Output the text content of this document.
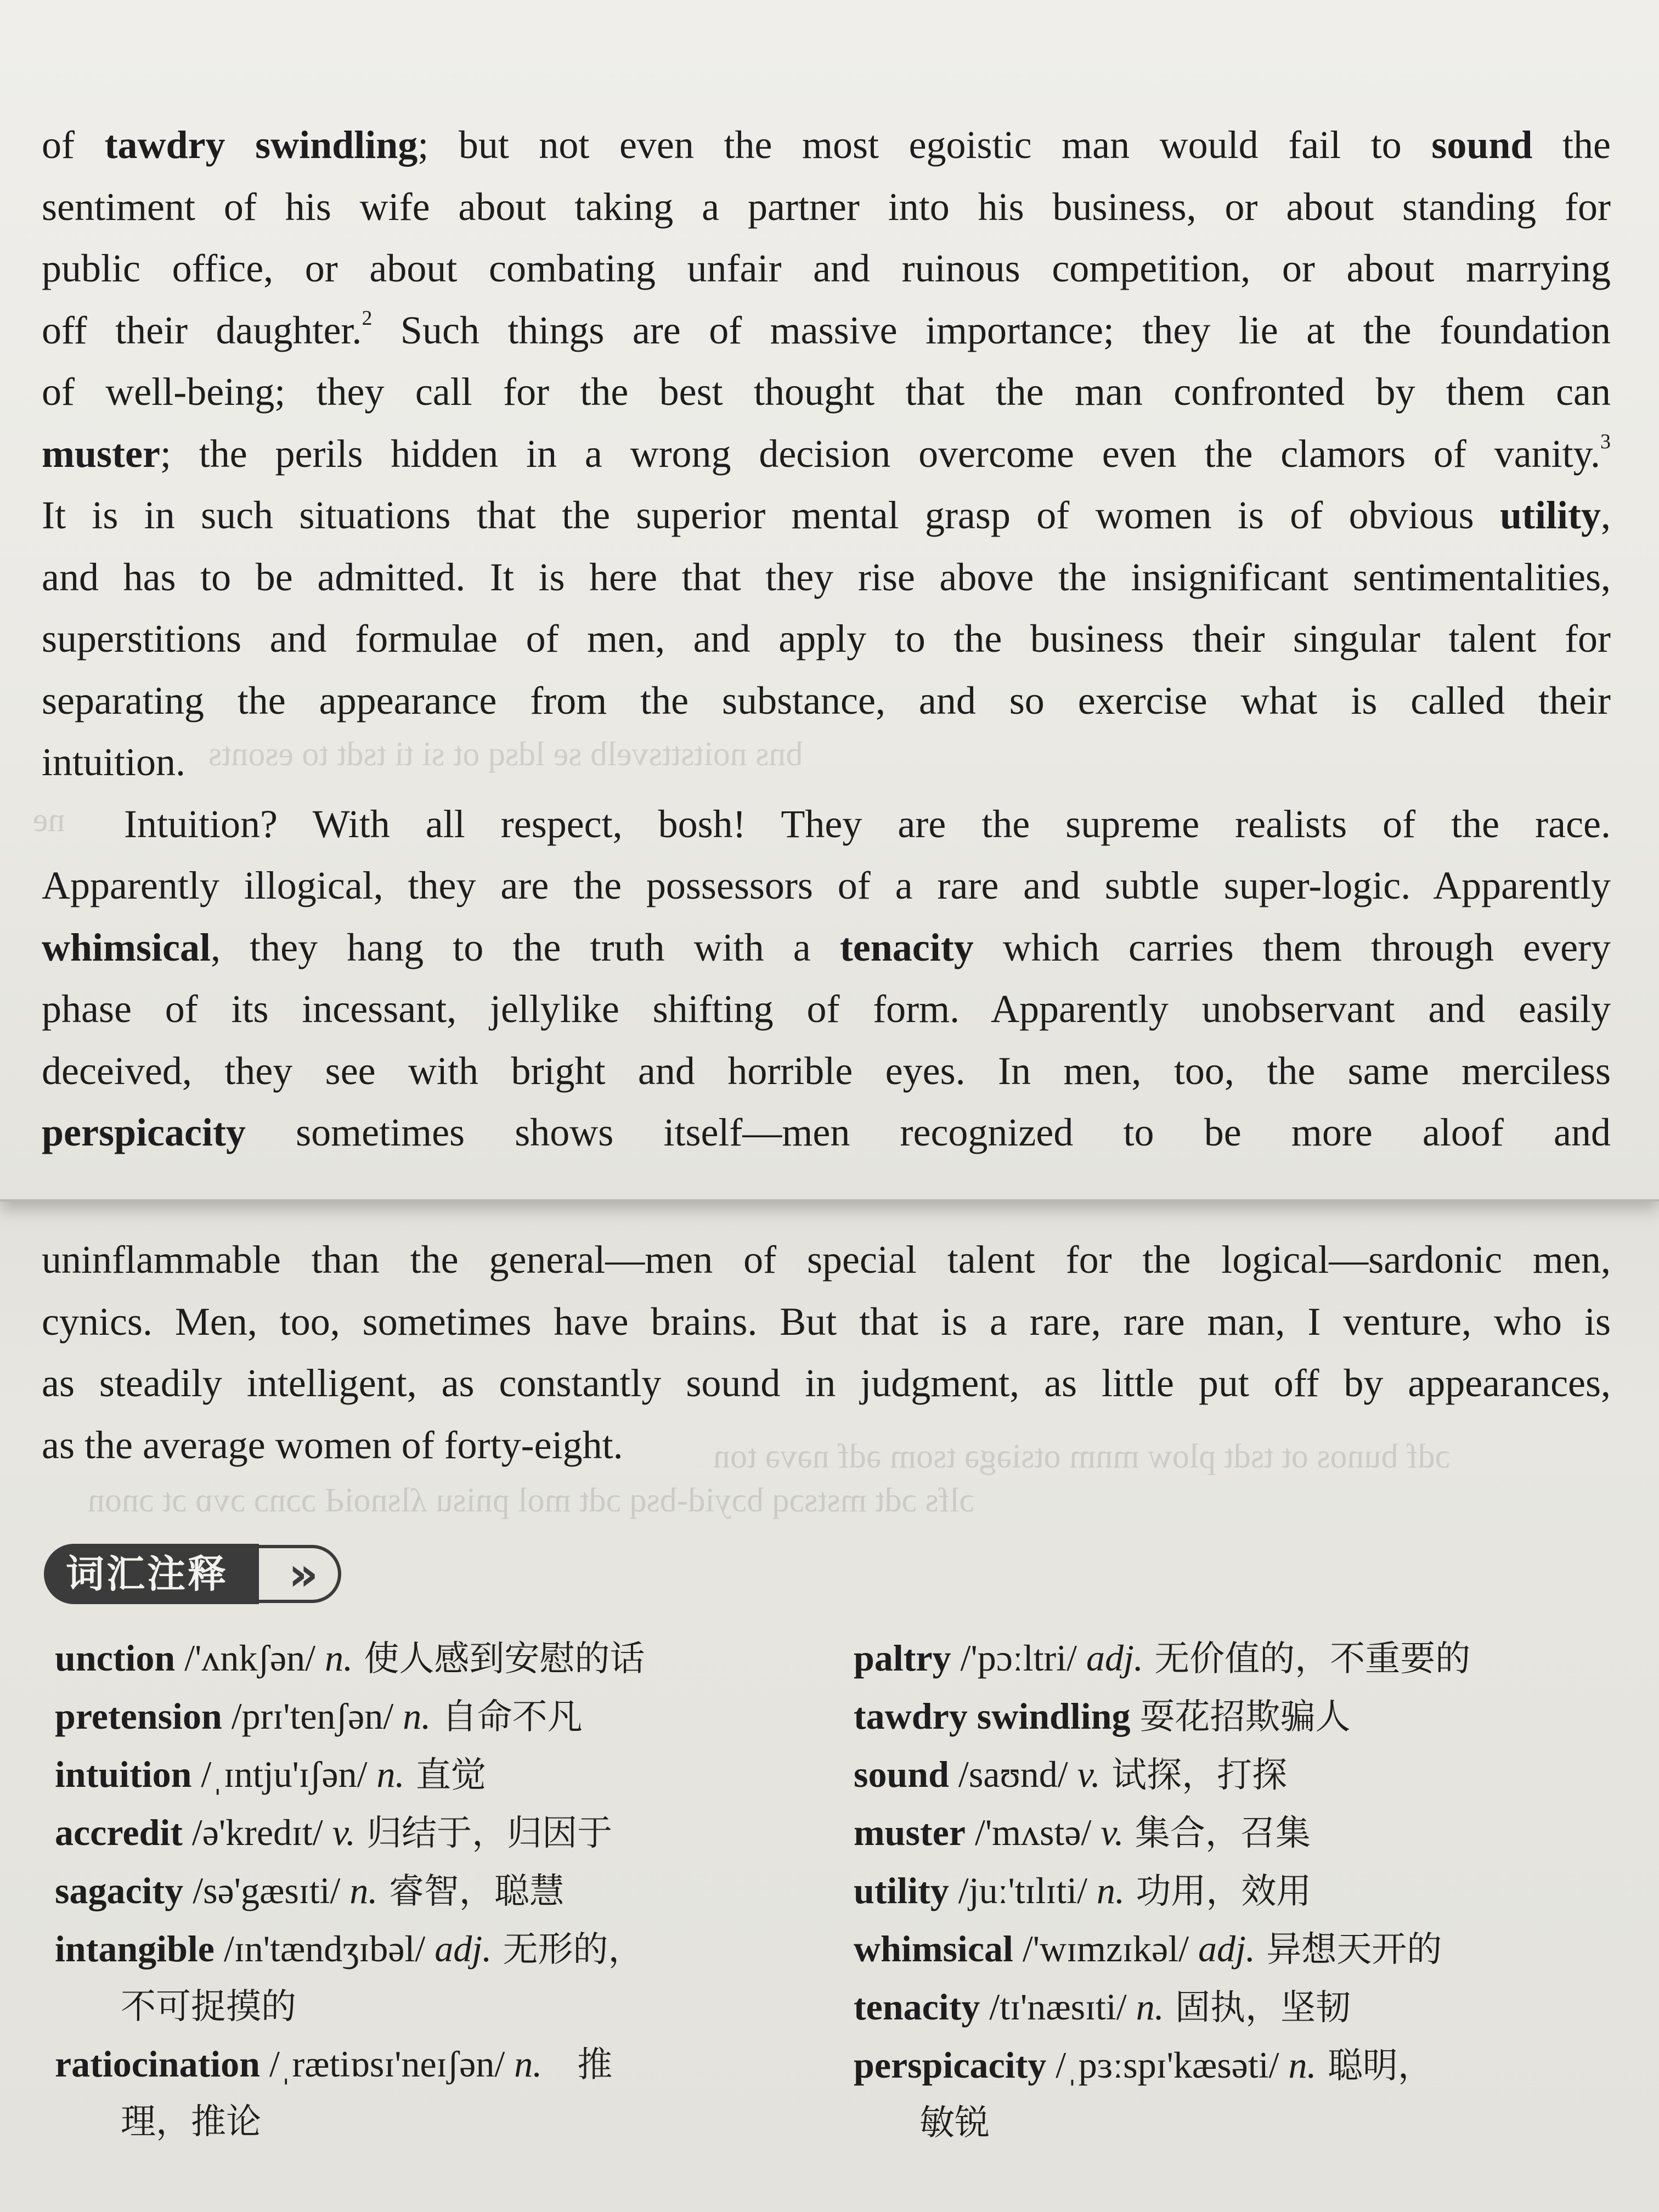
bns noitsttsvelb se ldsq ot si ti tsdt to esonts
ne

of tawdry swindling; but not even the most egoistic man would fail to sound the
sentiment of his wife about taking a partner into his business, or about standing for
public office, or about combating unfair and ruinous competition, or about marrying
off their daughter.$^2$ Such things are of massive importance; they lie at the foundation
of well-being; they call for the best thought that the man confronted by them can
muster; the perils hidden in a wrong decision overcome even the clamors of vanity.$^3$
It is in such situations that the superior mental grasp of women is of obvious utility,
and has to be admitted. It is here that they rise above the insignificant sentimentalities,
superstitions and formulae of men, and apply to the business their singular talent for
separating the appearance from the substance, and so exercise what is called their
intuition.

Intuition? With all respect, bosh! They are the supreme realists of the race.
Apparently illogical, they are the possessors of a rare and subtle super-logic. Apparently
whimsical, they hang to the truth with a tenacity which carries them through every
phase of its incessant, jellylike shifting of form. Apparently unobservant and easily
deceived, they see with bright and horrible eyes. In men, too, the same merciless
perspicacity sometimes shows itself—men recognized to be more aloof and

ɔdf bunos ot tsdt plow mnm otsiəgə tsom ədf nəvə ton
ɔlfs ɔdt mstsɔq bɔyid-bsq ɔdt mol pnisu ʎlsnoiԀ ɔɔnɔ ɔvɒ ɔt ɔnon

uninflammable than the general—men of special talent for the logical—sardonic men,
cynics. Men, too, sometimes have brains. But that is a rare, rare man, I venture, who is
as steadily intelligent, as constantly sound in judgment, as little put off by appearances,
as the average women of forty-eight.

词汇注释	»

unction /'ʌnkʃən/ n. 使人感到安慰的话

pretension /prɪ'tenʃən/ n. 自命不凡

intuition /ˌɪntju'ɪʃən/ n. 直觉

accredit /ə'kredɪt/ v. 归结于，归因于

sagacity /sə'gæsɪti/ n. 睿智，聪慧

intangible /ɪn'tændʒɪbəl/ adj. 无形的，
不可捉摸的

ratiocination /ˌrætiɒsɪ'neɪʃən/ n.　推
理，推论

paltry /'pɔːltri/ adj. 无价值的，不重要的

tawdry swindling 耍花招欺骗人

sound /saʊnd/ v. 试探，打探

muster /'mʌstə/ v. 集合，召集

utility /juː'tɪlɪti/ n. 功用，效用

whimsical /'wɪmzɪkəl/ adj. 异想天开的

tenacity /tɪ'næsɪti/ n. 固执，坚韧

perspicacity /ˌpɜːspɪ'kæsəti/ n. 聪明，
敏锐
